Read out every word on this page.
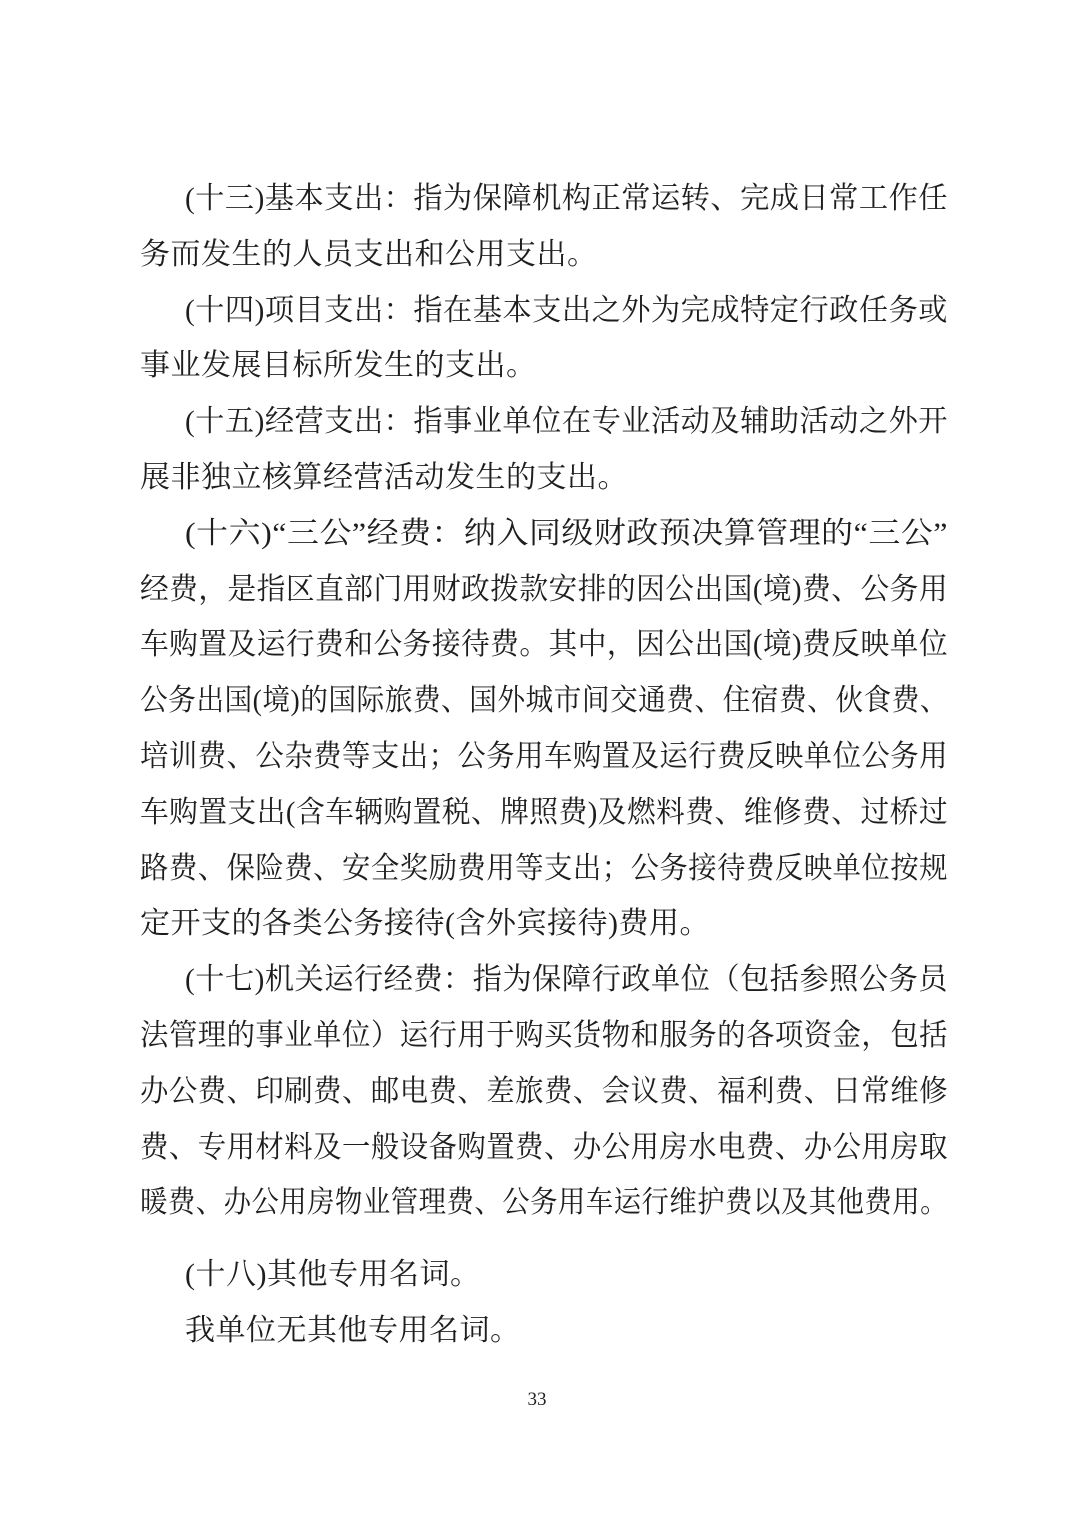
(十三)基本支出：指为保障机构正常运转、完成日常工作任
务而发生的人员支出和公用支出。
(十四)项目支出：指在基本支出之外为完成特定行政任务或
事业发展目标所发生的支出。
(十五)经营支出：指事业单位在专业活动及辅助活动之外开
展非独立核算经营活动发生的支出。
(十六)“三公”经费：纳入同级财政预决算管理的“三公”
经费，是指区直部门用财政拨款安排的因公出国(境)费、公务用
车购置及运行费和公务接待费。其中，因公出国(境)费反映单位
公务出国(境)的国际旅费、国外城市间交通费、住宿费、伙食费、
培训费、公杂费等支出；公务用车购置及运行费反映单位公务用
车购置支出(含车辆购置税、牌照费)及燃料费、维修费、过桥过
路费、保险费、安全奖励费用等支出；公务接待费反映单位按规
定开支的各类公务接待(含外宾接待)费用。
(十七)机关运行经费：指为保障行政单位（包括参照公务员
法管理的事业单位）运行用于购买货物和服务的各项资金，包括
办公费、印刷费、邮电费、差旅费、会议费、福利费、日常维修
费、专用材料及一般设备购置费、办公用房水电费、办公用房取
暖费、办公用房物业管理费、公务用车运行维护费以及其他费用。
(十八)其他专用名词。
我单位无其他专用名词。
33
